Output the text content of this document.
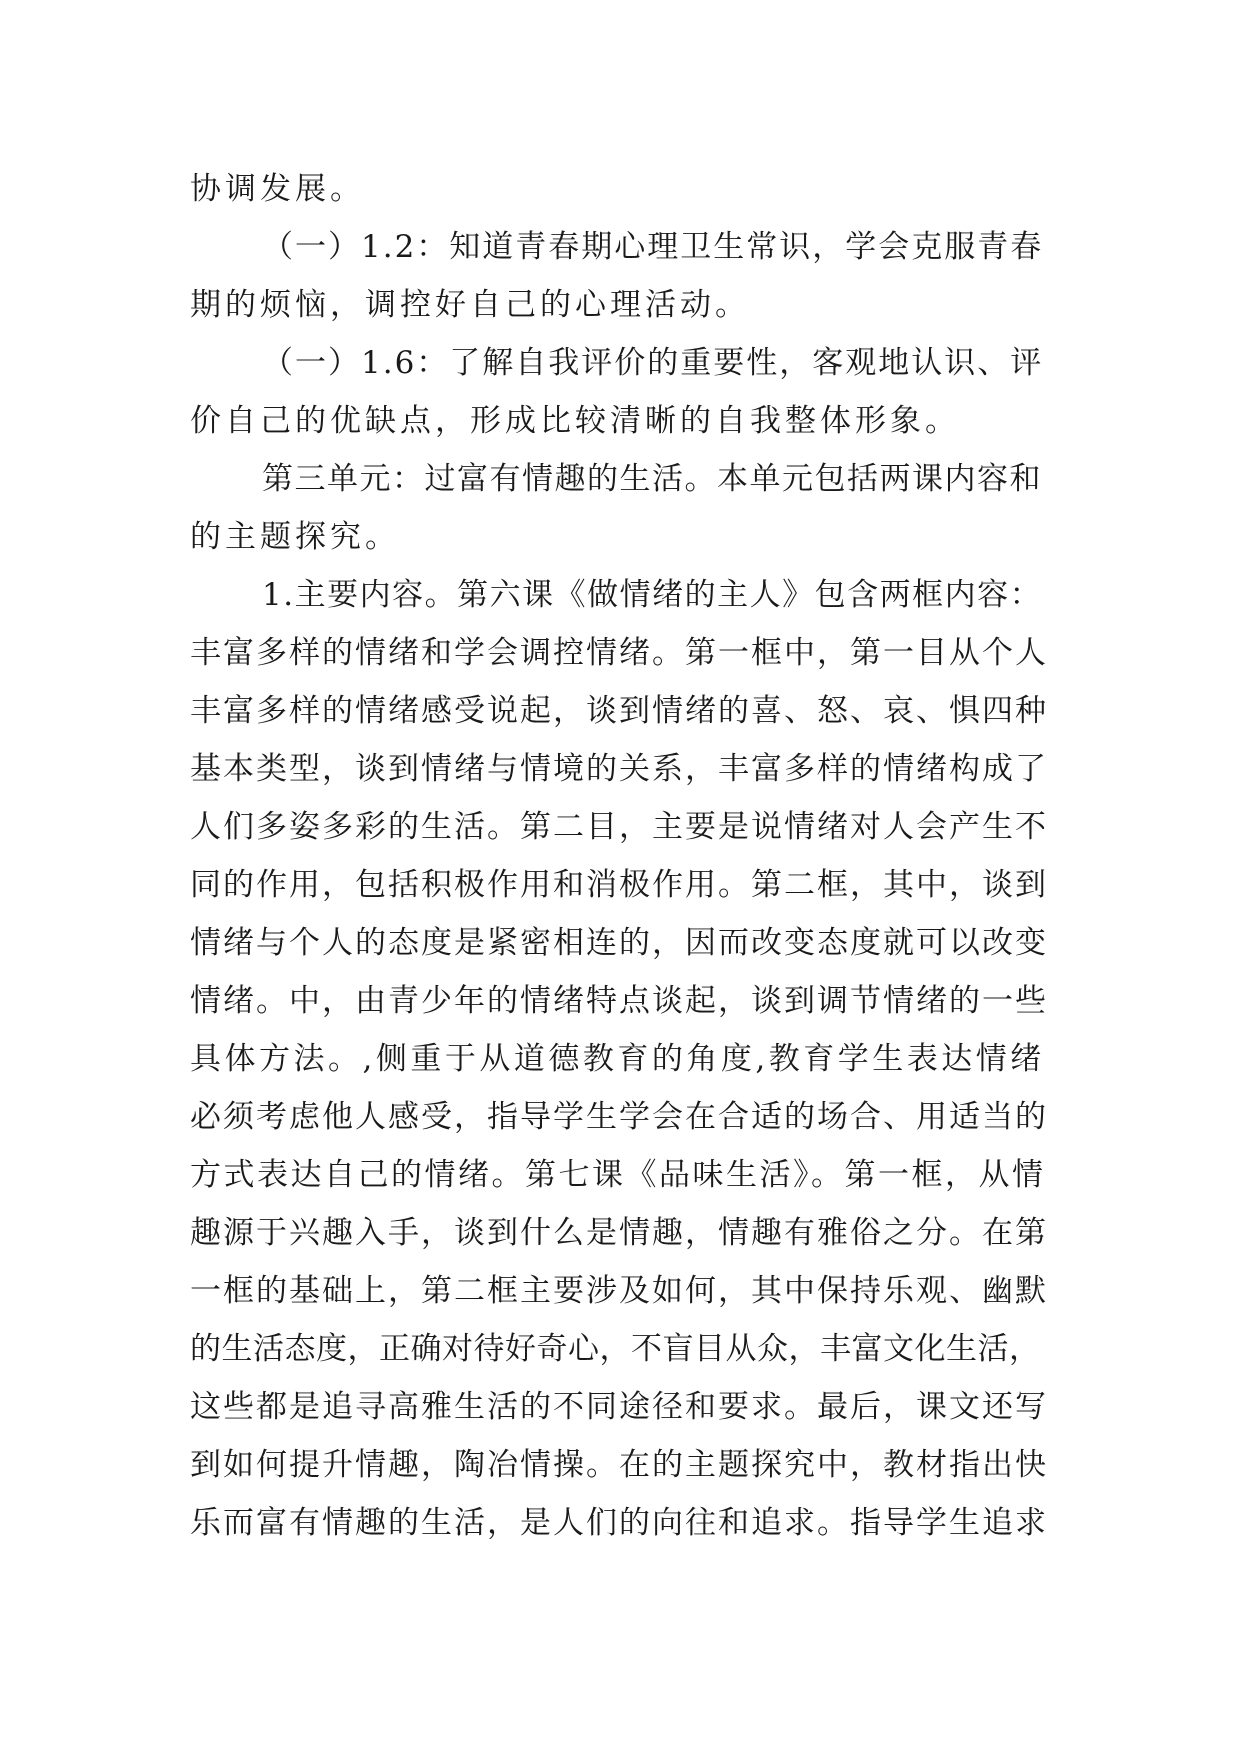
协调发展。
（一）1.2：知道青春期心理卫生常识，学会克服青春
期的烦恼，调控好自己的心理活动。
（一）1.6：了解自我评价的重要性，客观地认识、评
价自己的优缺点，形成比较清晰的自我整体形象。
第三单元：过富有情趣的生活。本单元包括两课内容和
的主题探究。
1.主要内容。第六课《做情绪的主人》包含两框内容：
丰富多样的情绪和学会调控情绪。第一框中，第一目从个人
丰富多样的情绪感受说起，谈到情绪的喜、怒、哀、惧四种
基本类型，谈到情绪与情境的关系，丰富多样的情绪构成了
人们多姿多彩的生活。第二目，主要是说情绪对人会产生不
同的作用，包括积极作用和消极作用。第二框，其中，谈到
情绪与个人的态度是紧密相连的，因而改变态度就可以改变
情绪。中，由青少年的情绪特点谈起，谈到调节情绪的一些
具体方法。,侧重于从道德教育的角度,教育学生表达情绪
必须考虑他人感受，指导学生学会在合适的场合、用适当的
方式表达自己的情绪。第七课《品味生活》。第一框，从情
趣源于兴趣入手，谈到什么是情趣，情趣有雅俗之分。在第
一框的基础上，第二框主要涉及如何，其中保持乐观、幽默
的生活态度，正确对待好奇心，不盲目从众，丰富文化生活，
这些都是追寻高雅生活的不同途径和要求。最后，课文还写
到如何提升情趣，陶冶情操。在的主题探究中，教材指出快
乐而富有情趣的生活，是人们的向往和追求。指导学生追求
